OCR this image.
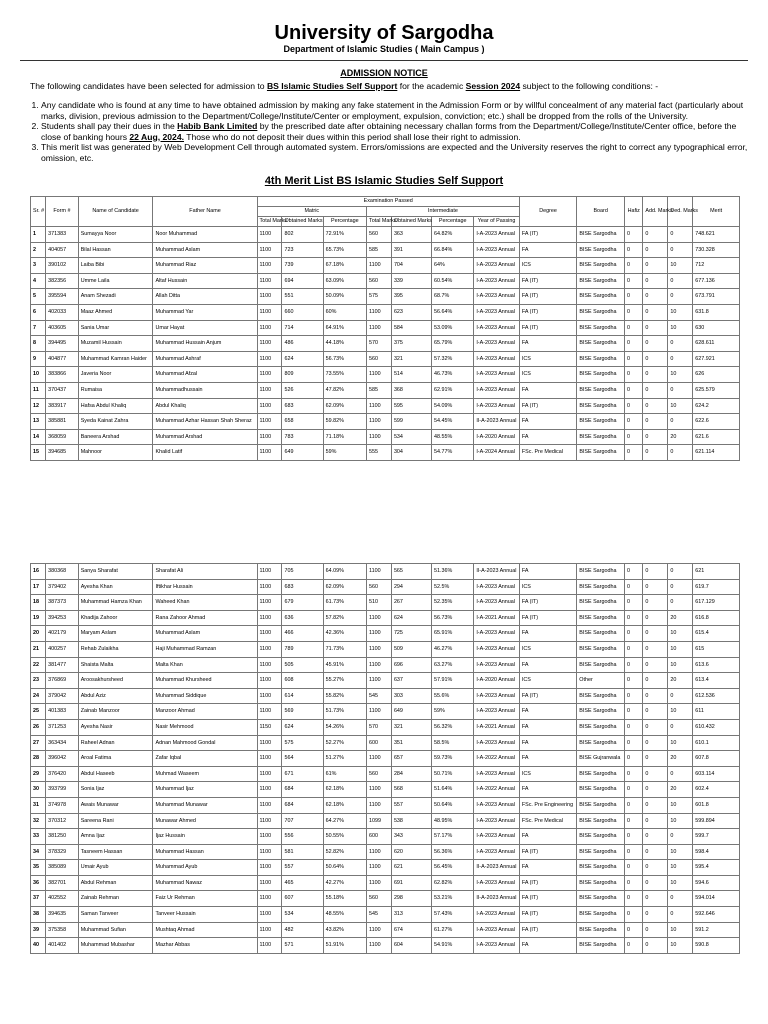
University of Sargodha
Department of Islamic Studies ( Main Campus )
ADMISSION NOTICE
The following candidates have been selected for admission to BS Islamic Studies Self Support for the academic Session 2024 subject to the following conditions: -
1. Any candidate who is found at any time to have obtained admission by making any fake statement in the Admission Form or by willful concealment of any material fact (particularly about marks, division, previous admission to the Department/College/Institute/Center or employment, expulsion, conviction; etc.) shall be dropped from the rolls of the University.
2. Students shall pay their dues in the Habib Bank Limited by the prescribed date after obtaining necessary challan forms from the Department/College/Institute/Center office, before the close of banking hours 22 Aug, 2024. Those who do not deposit their dues within this period shall lose their right to admission.
3. This merit list was generated by Web Development Cell through automated system. Errors/omissions are expected and the University reserves the right to correct any typographical error, omission, etc.
4th Merit List BS Islamic Studies Self Support
Sr. #	Form #	Name of Candidate	Father Name	Examination Passed							Degree	Board	Hafiz	Add. Marks	Ded. Marks	Merit
				Matric			Intermediate									
				Total Marks	Obtained Marks	Percentage	Total Marks	Obtained Marks	Percentage	Year of Passing						
1	371383	Sumayya Noor	Noor Muhammad	1100	802	72.91%	560	363	64.82%	I-A-2023 Annual	FA (IT)	BISE Sargodha	0	0	0	748.621
2	404057	Bilal Hassan	Muhammad Aslam	1100	723	65.73%	585	391	66.84%	I-A-2023 Annual	FA	BISE Sargodha	0	0	0	730.328
3	390102	Laiba Bibi	Muhammad Riaz	1100	739	67.18%	1100	704	64%	I-A-2023 Annual	ICS	BISE Sargodha	0	0	10	712
4	382356	Umme Laila	Altaf Hussain	1100	694	63.09%	560	339	60.54%	I-A-2023 Annual	FA (IT)	BISE Sargodha	0	0	0	677.136
5	395594	Anam Shezadi	Allah Ditta	1100	551	50.09%	575	395	68.7%	I-A-2023 Annual	FA (IT)	BISE Sargodha	0	0	0	673.791
6	402033	Maaz Ahmed	Muhammad Yar	1100	660	60%	1100	623	56.64%	I-A-2023 Annual	FA (IT)	BISE Sargodha	0	0	10	631.8
7	403605	Sania Umar	Umar Hayat	1100	714	64.91%	1100	584	53.09%	I-A-2023 Annual	FA (IT)	BISE Sargodha	0	0	10	630
8	394495	Muzamil Hussain	Muhammad Hussain Anjum	1100	486	44.18%	570	375	65.79%	I-A-2023 Annual	FA	BISE Sargodha	0	0	0	628.611
9	404877	Muhammad Kamran Haider	Muhammad Ashraf	1100	624	56.73%	560	321	57.32%	I-A-2023 Annual	ICS	BISE Sargodha	0	0	0	627.921
10	383866	Javeria Noor	Muhammad Afzal	1100	809	73.55%	1100	514	46.73%	I-A-2023 Annual	ICS	BISE Sargodha	0	0	10	626
11	370437	Rumaisa	Muhammadhussain	1100	526	47.82%	585	368	62.91%	I-A-2023 Annual	FA	BISE Sargodha	0	0	0	625.579
12	383917	Hafsa Abdul Khaliq	Abdul Khaliq	1100	683	62.09%	1100	595	54.09%	I-A-2023 Annual	FA (IT)	BISE Sargodha	0	0	10	624.2
13	385881	Syeda Kainat Zahra	Muhammad Azhar Hassan Shah Sheraz	1100	658	59.82%	1100	599	54.45%	II-A-2023 Annual	FA	BISE Sargodha	0	0	0	622.6
14	368059	Baneera Arshad	Muhammad Arshad	1100	783	71.18%	1100	534	48.55%	I-A-2020 Annual	FA	BISE Sargodha	0	0	20	621.6
15	394685	Mahnoor	Khalid Latif	1100	649	59%	555	304	54.77%	I-A-2024 Annual	FSc. Pre Medical	BISE Sargodha	0	0	0	621.114
16	380368	Sanya Sharafat	Sharafat Ali	1100	705	64.09%	1100	565	51.36%	II-A-2023 Annual	FA	BISE Sargodha	0	0	0	621
17	379402	Ayesha Khan	Iftikhar Hussain	1100	683	62.09%	560	294	52.5%	I-A-2023 Annual	ICS	BISE Sargodha	0	0	0	619.7
18	387373	Muhammad Hamza Khan	Waheed Khan	1100	679	61.73%	510	267	52.35%	I-A-2023 Annual	FA (IT)	BISE Sargodha	0	0	0	617.129
19	394253	Khadija Zahoor	Rana Zahoor Ahmad	1100	636	57.82%	1100	624	56.73%	I-A-2021 Annual	FA (IT)	BISE Sargodha	0	0	20	616.8
20	402179	Maryam Aslam	Muhammad Aslam	1100	466	42.36%	1100	725	65.91%	I-A-2023 Annual	FA	BISE Sargodha	0	0	10	615.4
21	400257	Rehab Zulaikha	Haji Muhammad Ramzan	1100	789	71.73%	1100	509	46.27%	I-A-2023 Annual	ICS	BISE Sargodha	0	0	10	615
22	381477	Shaista Malta	Malta Khan	1100	505	45.91%	1100	696	63.27%	I-A-2023 Annual	FA	BISE Sargodha	0	0	10	613.6
23	376869	Aroosakhursheed	Muhammad Khursheed	1100	608	55.27%	1100	637	57.91%	I-A-2020 Annual	ICS	Other	0	0	20	613.4
24	379042	Abdul Aziz	Muhammad Siddique	1100	614	55.82%	545	303	55.6%	I-A-2023 Annual	FA (IT)	BISE Sargodha	0	0	0	612.536
25	401383	Zainab Manzoor	Manzoor Ahmad	1100	569	51.73%	1100	649	59%	I-A-2023 Annual	FA	BISE Sargodha	0	0	10	611
26	371253	Ayesha Nasir	Nasir Mehmood	1150	624	54.26%	570	321	56.32%	I-A-2021 Annual	FA	BISE Sargodha	0	0	0	610.432
27	363434	Raheel Adnan	Adnan Mahmood Gondal	1100	575	52.27%	600	351	58.5%	I-A-2023 Annual	FA	BISE Sargodha	0	0	10	610.1
28	396042	Aroal Fatima	Zafar Iqbal	1100	564	51.27%	1100	657	59.73%	I-A-2022 Annual	FA	BISE Gujranwala	0	0	20	607.8
29	376420	Abdul Haseeb	Muhmad Waseem	1100	671	61%	560	284	50.71%	I-A-2023 Annual	ICS	BISE Sargodha	0	0	0	603.114
30	393799	Sonia Ijaz	Muhammad Ijaz	1100	684	62.18%	1100	568	51.64%	I-A-2022 Annual	FA	BISE Sargodha	0	0	20	602.4
31	374978	Awais Munawar	Muhammad Munawar	1100	684	62.18%	1100	557	50.64%	I-A-2023 Annual	FSc. Pre Engineering	BISE Sargodha	0	0	10	601.8
32	370312	Sareena Rani	Munawar Ahmed	1100	707	64.27%	1099	538	48.95%	I-A-2023 Annual	FSc. Pre Medical	BISE Sargodha	0	0	10	599.894
33	381250	Amna Ijaz	Ijaz Hussain	1100	556	50.55%	600	343	57.17%	I-A-2023 Annual	FA	BISE Sargodha	0	0	0	599.7
34	378329	Tasneem Hassan	Muhammad Hassan	1100	581	52.82%	1100	620	56.36%	I-A-2023 Annual	FA (IT)	BISE Sargodha	0	0	10	598.4
35	385089	Umair Ayub	Muhammad Ayub	1100	557	50.64%	1100	621	56.45%	II-A-2023 Annual	FA	BISE Sargodha	0	0	10	595.4
36	382701	Abdul Rehman	Muhammad Nawaz	1100	465	42.27%	1100	691	62.82%	I-A-2023 Annual	FA (IT)	BISE Sargodha	0	0	10	594.6
37	402552	Zainab Rehman	Faiz Ur Rehman	1100	607	55.18%	560	298	53.21%	II-A-2023 Annual	FA (IT)	BISE Sargodha	0	0	0	594.014
38	394635	Saman Tanveer	Tanveer Hussain	1100	534	48.55%	545	313	57.43%	I-A-2023 Annual	FA (IT)	BISE Sargodha	0	0	0	592.646
39	375358	Muhammad Sufian	Mushtaq Ahmad	1100	482	43.82%	1100	674	61.27%	I-A-2023 Annual	FA (IT)	BISE Sargodha	0	0	10	591.2
40	401402	Muhammad Mubashar	Mazhar Abbas	1100	571	51.91%	1100	604	54.91%	I-A-2023 Annual	FA	BISE Sargodha	0	0	10	590.8
